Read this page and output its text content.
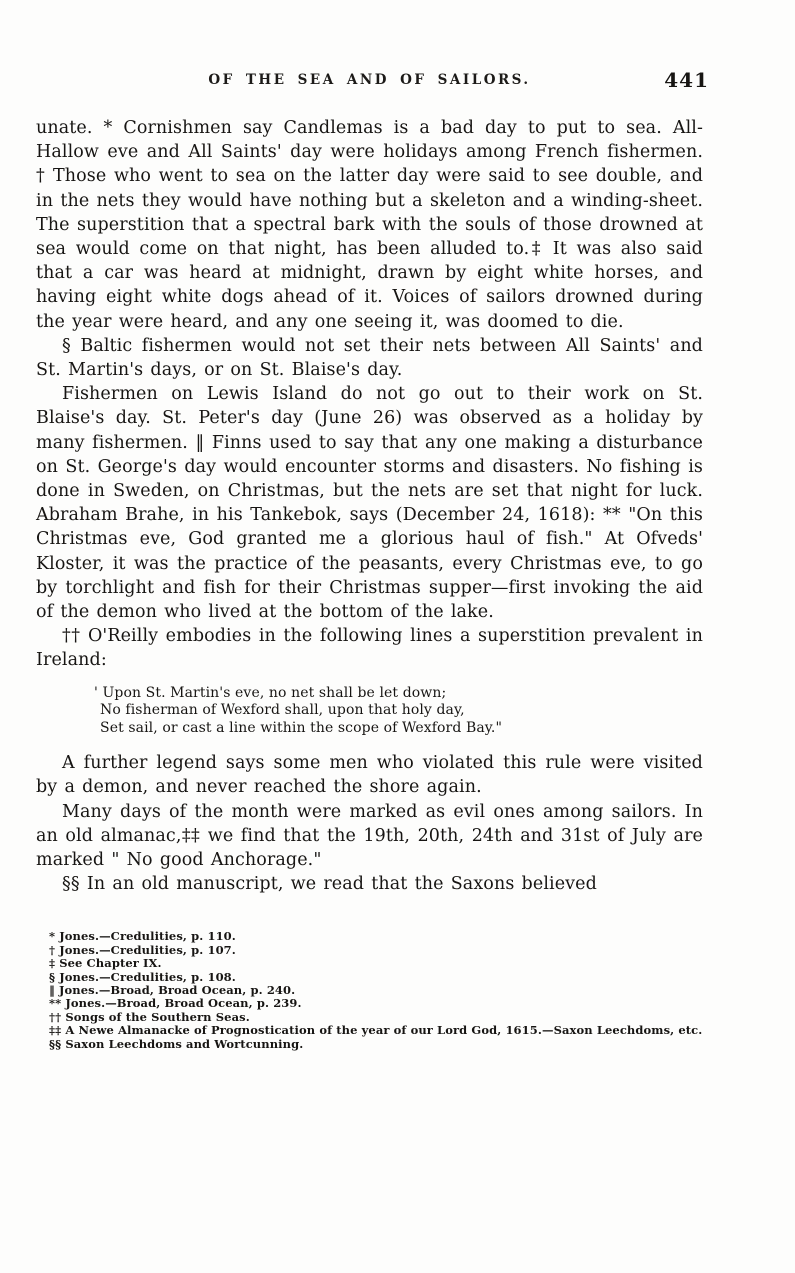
OF THE SEA AND OF SAILORS.	441

unate. * Cornishmen say Candlemas is a bad day to put to sea. All-Hallow eve and All Saints' day were holidays among French fishermen. † Those who went to sea on the latter day were said to see double, and in the nets they would have nothing but a skeleton and a winding-sheet. The superstition that a spectral bark with the souls of those drowned at sea would come on that night, has been alluded to.‡ It was also said that a car was heard at midnight, drawn by eight white horses, and having eight white dogs ahead of it. Voices of sailors drowned during the year were heard, and any one seeing it, was doomed to die.

§ Baltic fishermen would not set their nets between All Saints' and St. Martin's days, or on St. Blaise's day.

Fishermen on Lewis Island do not go out to their work on St. Blaise's day. St. Peter's day (June 26) was observed as a holiday by many fishermen. ‖ Finns used to say that any one making a disturbance on St. George's day would encounter storms and disasters. No fishing is done in Sweden, on Christmas, but the nets are set that night for luck. Abraham Brahe, in his Tankebok, says (December 24, 1618): ** "On this Christmas eve, God granted me a glorious haul of fish." At Ofveds' Kloster, it was the practice of the peasants, every Christmas eve, to go by torchlight and fish for their Christmas supper—first invoking the aid of the demon who lived at the bottom of the lake.

†† O'Reilly embodies in the following lines a superstition prevalent in Ireland:

' Upon St. Martin's eve, no net shall be let down;
No fisherman of Wexford shall, upon that holy day,
Set sail, or cast a line within the scope of Wexford Bay."

A further legend says some men who violated this rule were visited by a demon, and never reached the shore again.

Many days of the month were marked as evil ones among sailors. In an old almanac,‡‡ we find that the 19th, 20th, 24th and 31st of July are marked " No good Anchorage."

§§ In an old manuscript, we read that the Saxons believed

* Jones.—Credulities, p. 110.

† Jones.—Credulities, p. 107.

‡ See Chapter IX.

§ Jones.—Credulities, p. 108.

‖ Jones.—Broad, Broad Ocean, p. 240.

** Jones.—Broad, Broad Ocean, p. 239.

†† Songs of the Southern Seas.

‡‡ A Newe Almanacke of Prognostication of the year of our Lord God, 1615.—Saxon Leechdoms, etc.

§§ Saxon Leechdoms and Wortcunning.
